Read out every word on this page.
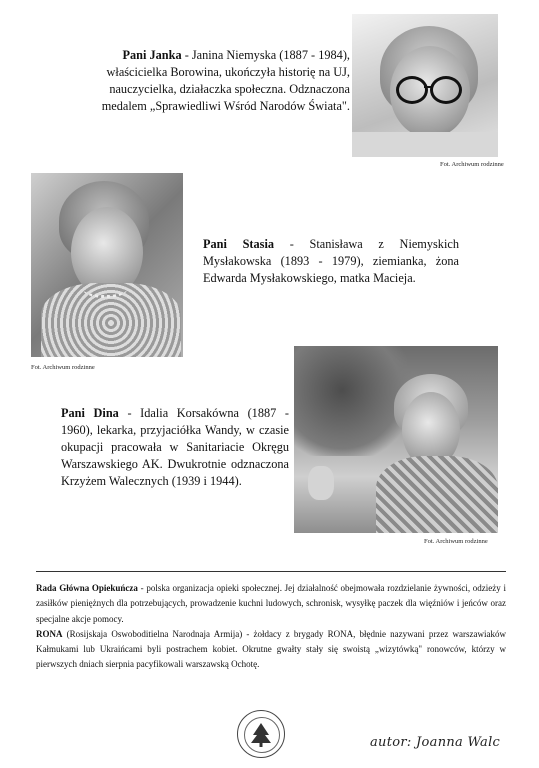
Fot. Archiwum rodzinne
Pani Janka - Janina Niemyska (1887 - 1984), właścicielka Borowina, ukończyła historię na UJ, nauczycielka, działaczka społeczna. Odznaczona medalem „Sprawiedliwi Wśród Narodów Świata".
Fot. Archiwum rodzinne
Pani Stasia - Stanisława z Niemyskich Mysłakowska (1893 - 1979), ziemianka, żona Edwarda Mysłakowskiego, matka Macieja.
Fot. Archiwum rodzinne
Pani Dina - Idalia Korsakówna (1887 - 1960), lekarka, przyjaciółka Wandy, w czasie okupacji pracowała w Sanitariacie Okręgu Warszawskiego AK. Dwukrotnie odznaczona Krzyżem Walecznych (1939 i 1944).
Rada Główna Opiekuńcza - polska organizacja opieki społecznej. Jej działalność obejmowała rozdzielanie żywności, odzieży i zasiłków pieniężnych dla potrzebujących, prowadzenie kuchni ludowych, schronisk, wysyłkę paczek dla więźniów i jeńców oraz specjalne akcje pomocy.
RONA (Rosijskaja Oswoboditielna Narodnaja Armija) - żołdacy z brygady RONA, błędnie nazywani przez warszawiaków Kałmukami lub Ukraińcami byli postrachem kobiet. Okrutne gwałty stały się swoistą „wizytówką" ronowców, którzy w pierwszych dniach sierpnia pacyfikowali warszawską Ochotę.
autor: Joanna Walc
